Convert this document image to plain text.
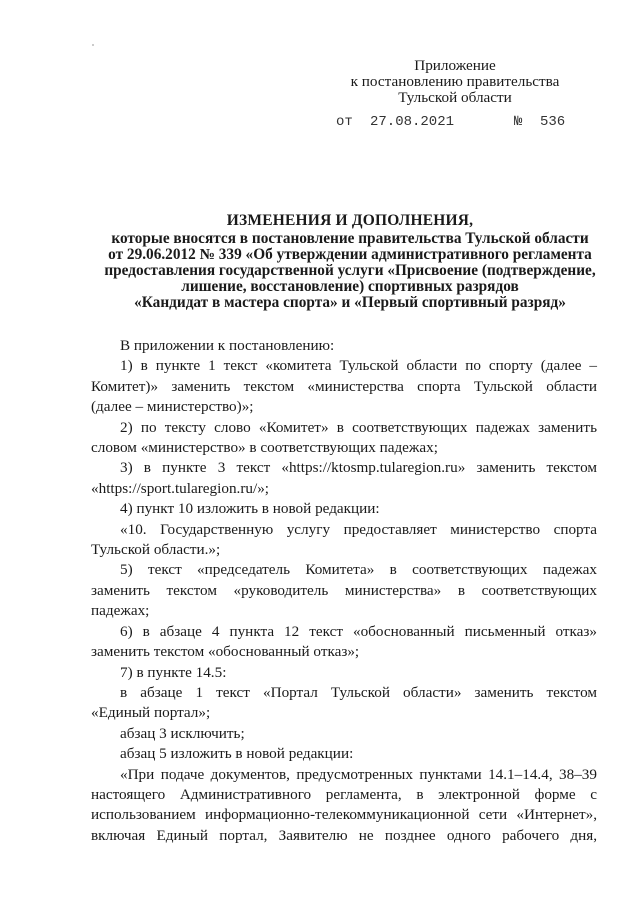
Приложение
к постановлению правительства
Тульской области
от 27.08.2021	№ 536
ИЗМЕНЕНИЯ И ДОПОЛНЕНИЯ,
которые вносятся в постановление правительства Тульской области
от 29.06.2012 № 339 «Об утверждении административного регламента
предоставления государственной услуги «Присвоение (подтверждение,
лишение, восстановление) спортивных разрядов
«Кандидат в мастера спорта» и «Первый спортивный разряд»
В приложении к постановлению:
1) в пункте 1 текст «комитета Тульской области по спорту (далее –
Комитет)» заменить текстом «министерства спорта Тульской области
(далее – министерство)»;
2) по тексту слово «Комитет» в соответствующих падежах заменить
словом «министерство» в соответствующих падежах;
3) в пункте 3 текст «https://ktosmp.tularegion.ru» заменить текстом
«https://sport.tularegion.ru/»;
4) пункт 10 изложить в новой редакции:
«10. Государственную услугу предоставляет министерство спорта
Тульской области.»;
5) текст «председатель Комитета» в соответствующих падежах
заменить текстом «руководитель министерства» в соответствующих
падежах;
6) в абзаце 4 пункта 12 текст «обоснованный письменный отказ»
заменить текстом «обоснованный отказ»;
7) в пункте 14.5:
в абзаце 1 текст «Портал Тульской области» заменить текстом
«Единый портал»;
абзац 3 исключить;
абзац 5 изложить в новой редакции:
«При подаче документов, предусмотренных пунктами 14.1–14.4, 38–39
настоящего Административного регламента, в электронной форме с
использованием информационно-телекоммуникационной сети «Интернет»,
включая Единый портал, Заявителю не позднее одного рабочего дня,
